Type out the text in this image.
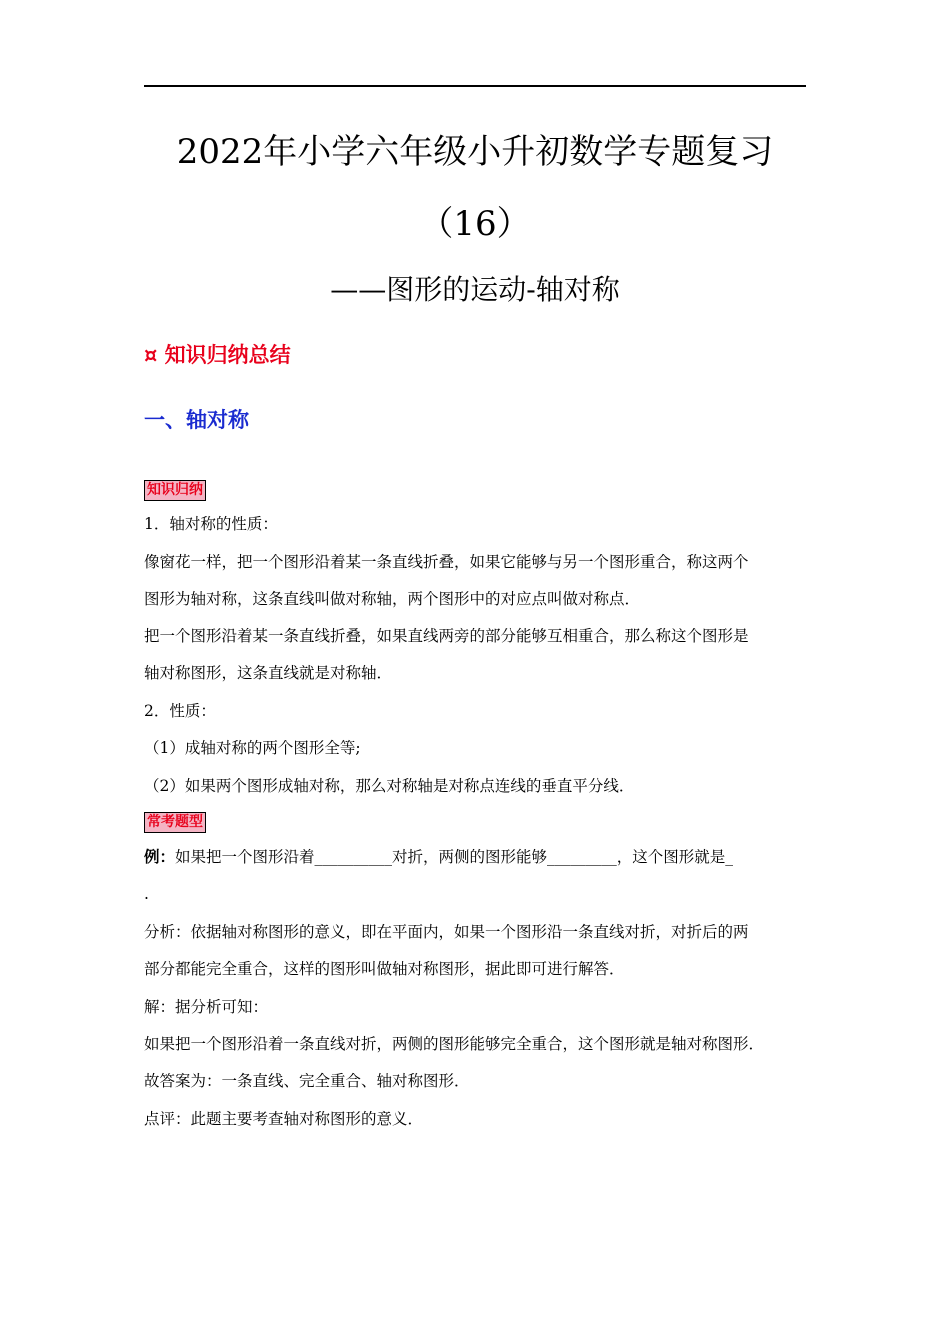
2022年小学六年级小升初数学专题复习
（16）
——图形的运动-轴对称
¤ 知识归纳总结
一、轴对称
知识归纳
1．轴对称的性质：
像窗花一样，把一个图形沿着某一条直线折叠，如果它能够与另一个图形重合，称这两个
图形为轴对称，这条直线叫做对称轴，两个图形中的对应点叫做对称点．
把一个图形沿着某一条直线折叠，如果直线两旁的部分能够互相重合，那么称这个图形是
轴对称图形，这条直线就是对称轴．
2．性质：
（1）成轴对称的两个图形全等;
（2）如果两个图形成轴对称，那么对称轴是对称点连线的垂直平分线．
常考题型
例：如果把一个图形沿着__________对折，两侧的图形能够_________，这个图形就是_
.
分析：依据轴对称图形的意义，即在平面内，如果一个图形沿一条直线对折，对折后的两
部分都能完全重合，这样的图形叫做轴对称图形，据此即可进行解答．
解：据分析可知：
如果把一个图形沿着一条直线对折，两侧的图形能够完全重合，这个图形就是轴对称图形．
故答案为：一条直线、完全重合、轴对称图形．
点评：此题主要考查轴对称图形的意义．
